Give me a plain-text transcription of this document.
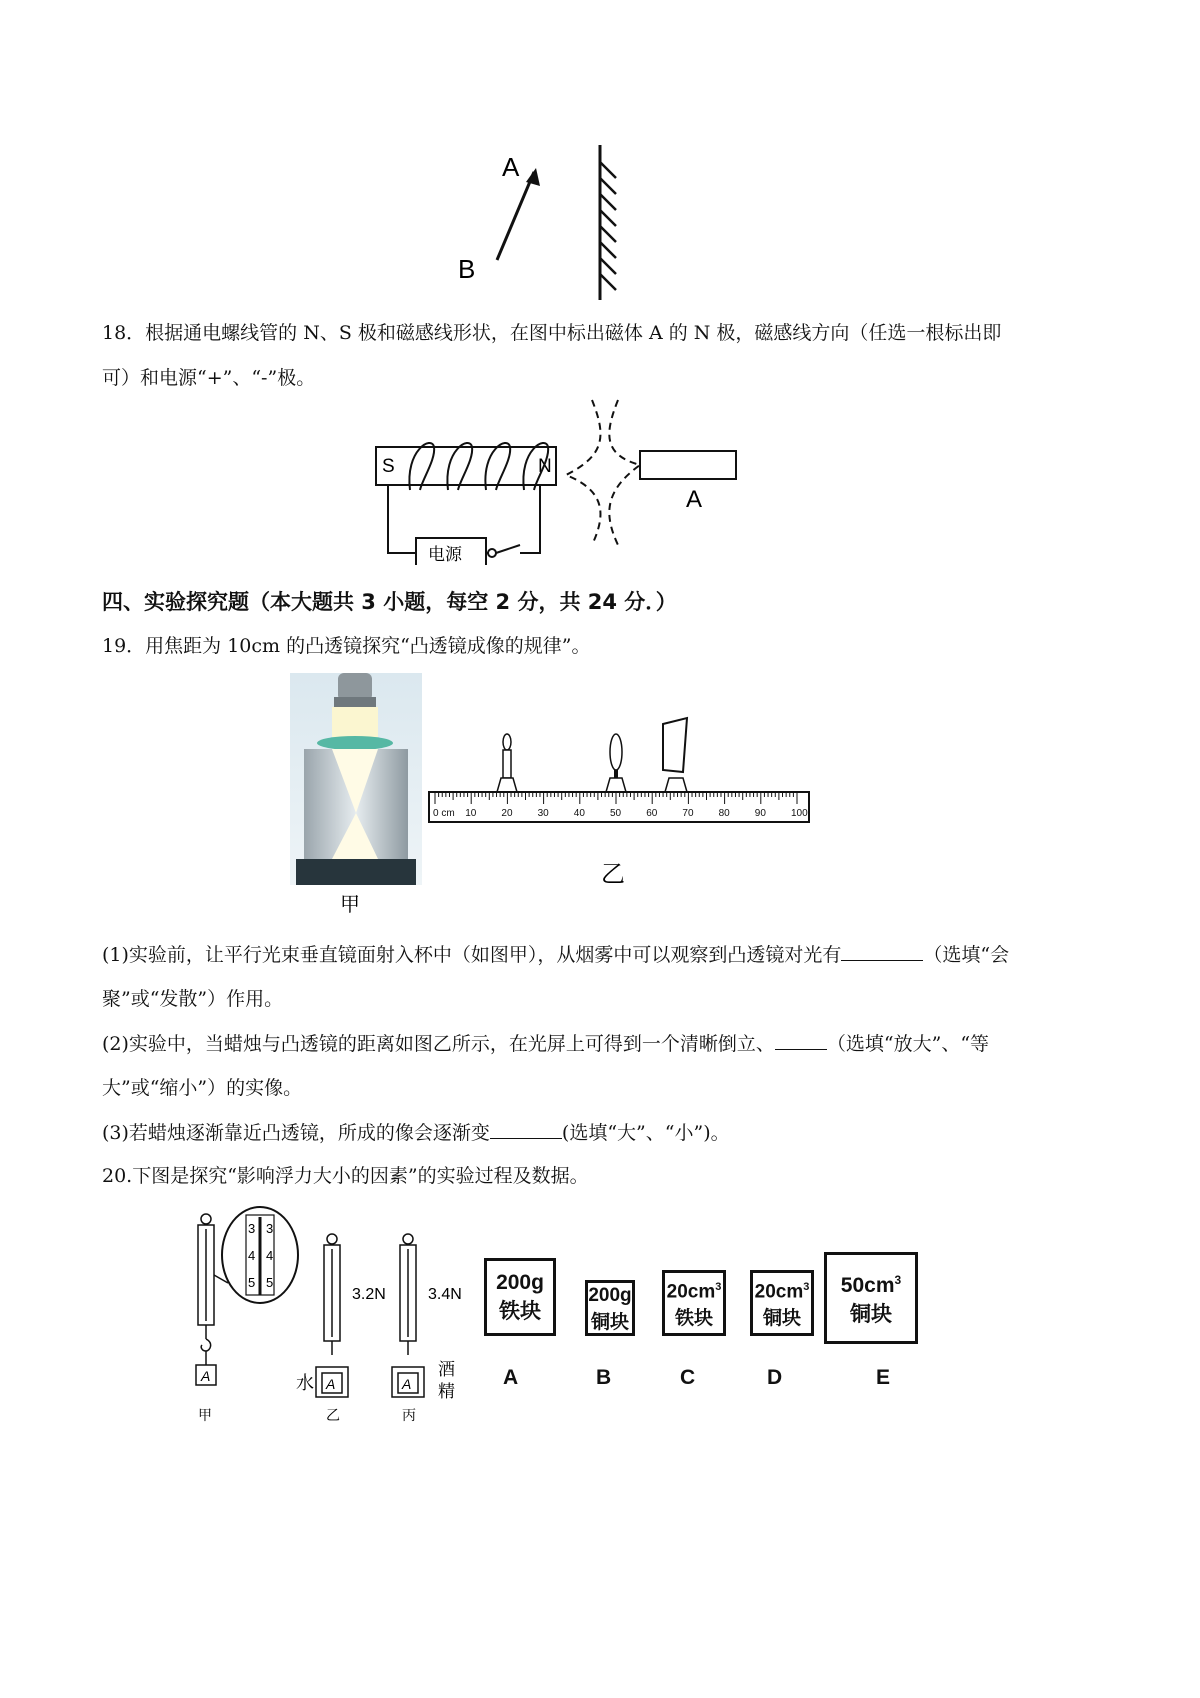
A
B
18．根据通电螺线管的 N、S 极和磁感线形状，在图中标出磁体 A 的 N 极，磁感线方向（任选一根标出即
可）和电源“+”、“-”极。
S	N
电源
A
四、实验探究题（本大题共 3 小题，每空 2 分，共 24 分．）
19．用焦距为 10cm 的凸透镜探究“凸透镜成像的规律”。
甲
0 cm 10	20	30	40	50	60	70	80	90	100
乙
(1)实验前，让平行光束垂直镜面射入杯中（如图甲），从烟雾中可以观察到凸透镜对光有	（选填“会
聚”或“发散”）作用。
(2)实验中，当蜡烛与凸透镜的距离如图乙所示，在光屏上可得到一个清晰倒立、	（选填“放大”、“等
大”或“缩小”）的实像。
(3)若蜡烛逐渐靠近凸透镜，所成的像会逐渐变	(选填“大”、“小”)。
20.下图是探究“影响浮力大小的因素”的实验过程及数据。
A
甲
3 3
4 4
5 5
A
3.2N
水
乙
A
3.4N
酒
精
丙
200g
铁块
A
200g
铜块
B
$20cm^3$
铁块
C
$20cm^3$
铜块
D
$50cm^3$
铜块
E
